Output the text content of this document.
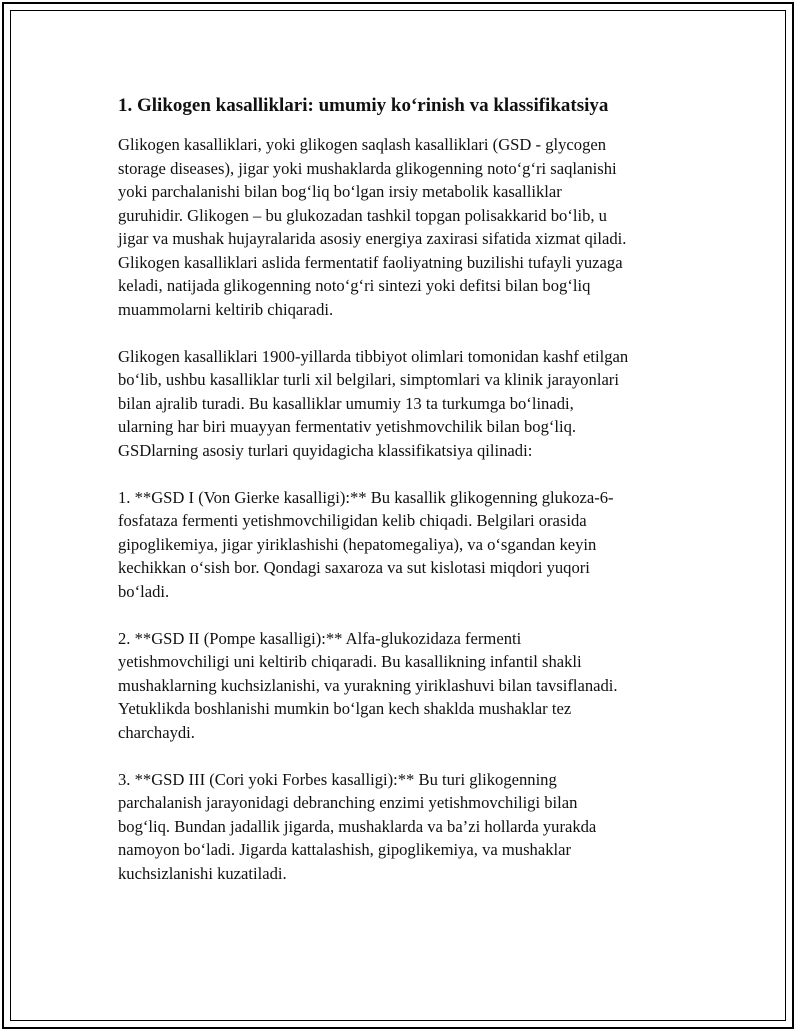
1. Glikogen kasalliklari: umumiy ko‘rinish va klassifikatsiya

Glikogen kasalliklari, yoki glikogen saqlash kasalliklari (GSD - glycogen
storage diseases), jigar yoki mushaklarda glikogenning noto‘g‘ri saqlanishi
yoki parchalanishi bilan bog‘liq bo‘lgan irsiy metabolik kasalliklar
guruhidir. Glikogen – bu glukozadan tashkil topgan polisakkarid bo‘lib, u
jigar va mushak hujayralarida asosiy energiya zaxirasi sifatida xizmat qiladi.
Glikogen kasalliklari aslida fermentatif faoliyatning buzilishi tufayli yuzaga
keladi, natijada glikogenning noto‘g‘ri sintezi yoki defitsi bilan bog‘liq
muammolarni keltirib chiqaradi.

Glikogen kasalliklari 1900-yillarda tibbiyot olimlari tomonidan kashf etilgan
bo‘lib, ushbu kasalliklar turli xil belgilari, simptomlari va klinik jarayonlari
bilan ajralib turadi. Bu kasalliklar umumiy 13 ta turkumga bo‘linadi,
ularning har biri muayyan fermentativ yetishmovchilik bilan bog‘liq.
GSDlarning asosiy turlari quyidagicha klassifikatsiya qilinadi:

1. **GSD I (Von Gierke kasalligi):** Bu kasallik glikogenning glukoza-6-
fosfataza fermenti yetishmovchiligidan kelib chiqadi. Belgilari orasida
gipoglikemiya, jigar yiriklashishi (hepatomegaliya), va o‘sgandan keyin
kechikkan o‘sish bor. Qondagi saxaroza va sut kislotasi miqdori yuqori
bo‘ladi.

2. **GSD II (Pompe kasalligi):** Alfa-glukozidaza fermenti
yetishmovchiligi uni keltirib chiqaradi. Bu kasallikning infantil shakli
mushaklarning kuchsizlanishi, va yurakning yiriklashuvi bilan tavsiflanadi.
Yetuklikda boshlanishi mumkin bo‘lgan kech shaklda mushaklar tez
charchaydi.

3. **GSD III (Cori yoki Forbes kasalligi):** Bu turi glikogenning
parchalanish jarayonidagi debranching enzimi yetishmovchiligi bilan
bog‘liq. Bundan jadallik jigarda, mushaklarda va ba’zi hollarda yurakda
namoyon bo‘ladi. Jigarda kattalashish, gipoglikemiya, va mushaklar
kuchsizlanishi kuzatiladi.
